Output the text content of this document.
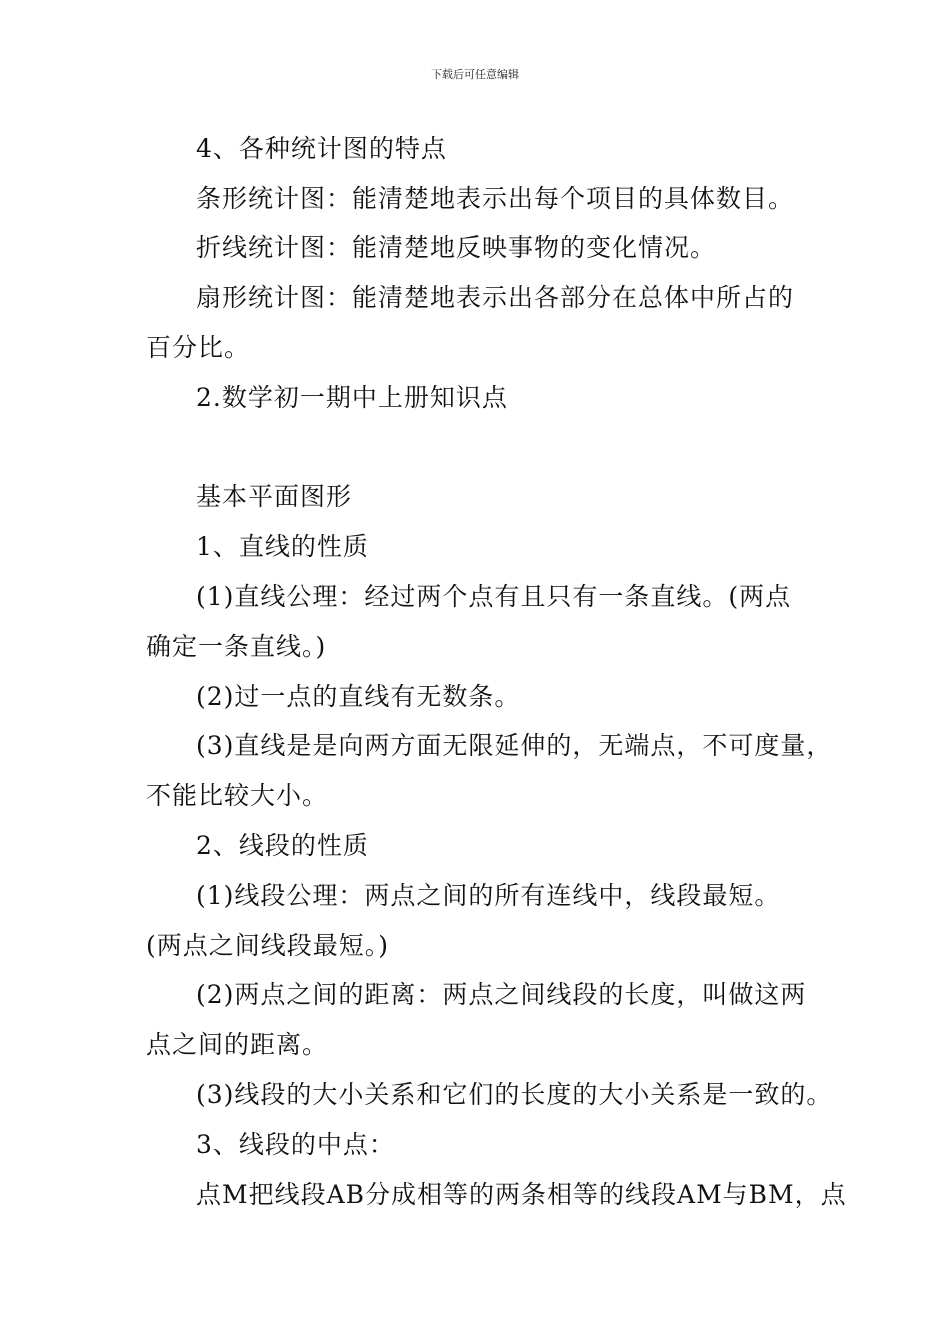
下载后可任意编辑
4、各种统计图的特点
条形统计图：能清楚地表示出每个项目的具体数目。
折线统计图：能清楚地反映事物的变化情况。
扇形统计图：能清楚地表示出各部分在总体中所占的
百分比。
2.数学初一期中上册知识点
基本平面图形
1、直线的性质
(1)直线公理：经过两个点有且只有一条直线。(两点
确定一条直线。)
(2)过一点的直线有无数条。
(3)直线是是向两方面无限延伸的，无端点，不可度量，
不能比较大小。
2、线段的性质
(1)线段公理：两点之间的所有连线中，线段最短。
(两点之间线段最短。)
(2)两点之间的距离：两点之间线段的长度，叫做这两
点之间的距离。
(3)线段的大小关系和它们的长度的大小关系是一致的。
3、线段的中点：
点M把线段AB分成相等的两条相等的线段AM与BM，点
